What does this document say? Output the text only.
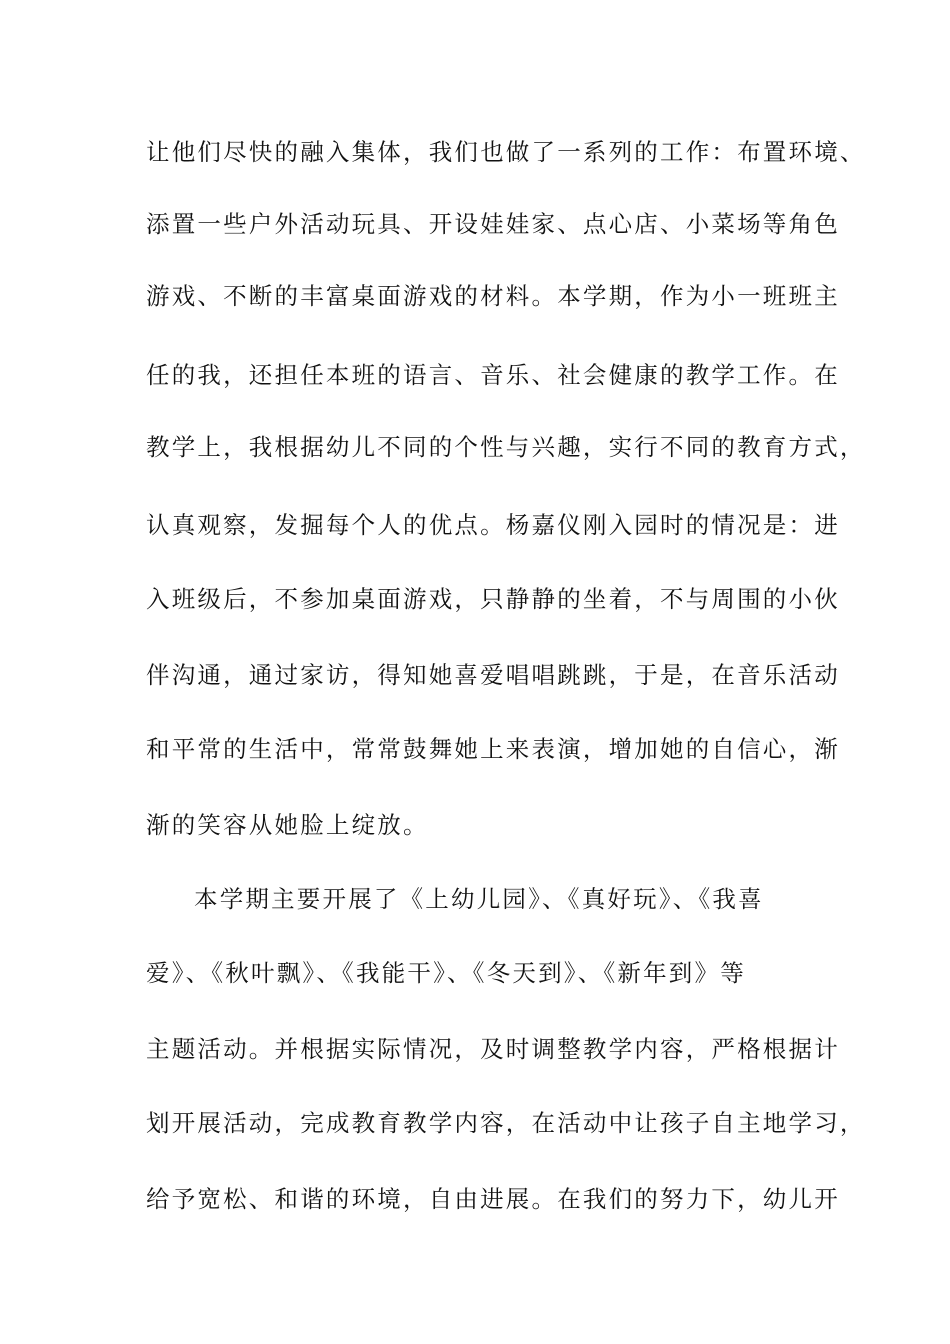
让他们尽快的融入集体，我们也做了一系列的工作：布置环境、
添置一些户外活动玩具、开设娃娃家、点心店、小菜场等角色
游戏、不断的丰富桌面游戏的材料。本学期，作为小一班班主
任的我，还担任本班的语言、音乐、社会健康的教学工作。在
教学上，我根据幼儿不同的个性与兴趣，实行不同的教育方式，
认真观察，发掘每个人的优点。杨嘉仪刚入园时的情况是：进
入班级后，不参加桌面游戏，只静静的坐着，不与周围的小伙
伴沟通，通过家访，得知她喜爱唱唱跳跳，于是，在音乐活动
和平常的生活中，常常鼓舞她上来表演，增加她的自信心，渐
渐的笑容从她脸上绽放。
本学期主要开展了《上幼儿园》、《真好玩》、《我喜
爱》、《秋叶飘》、《我能干》、《冬天到》、《新年到》等
主题活动。并根据实际情况，及时调整教学内容，严格根据计
划开展活动，完成教育教学内容，在活动中让孩子自主地学习，
给予宽松、和谐的环境，自由进展。在我们的努力下，幼儿开
